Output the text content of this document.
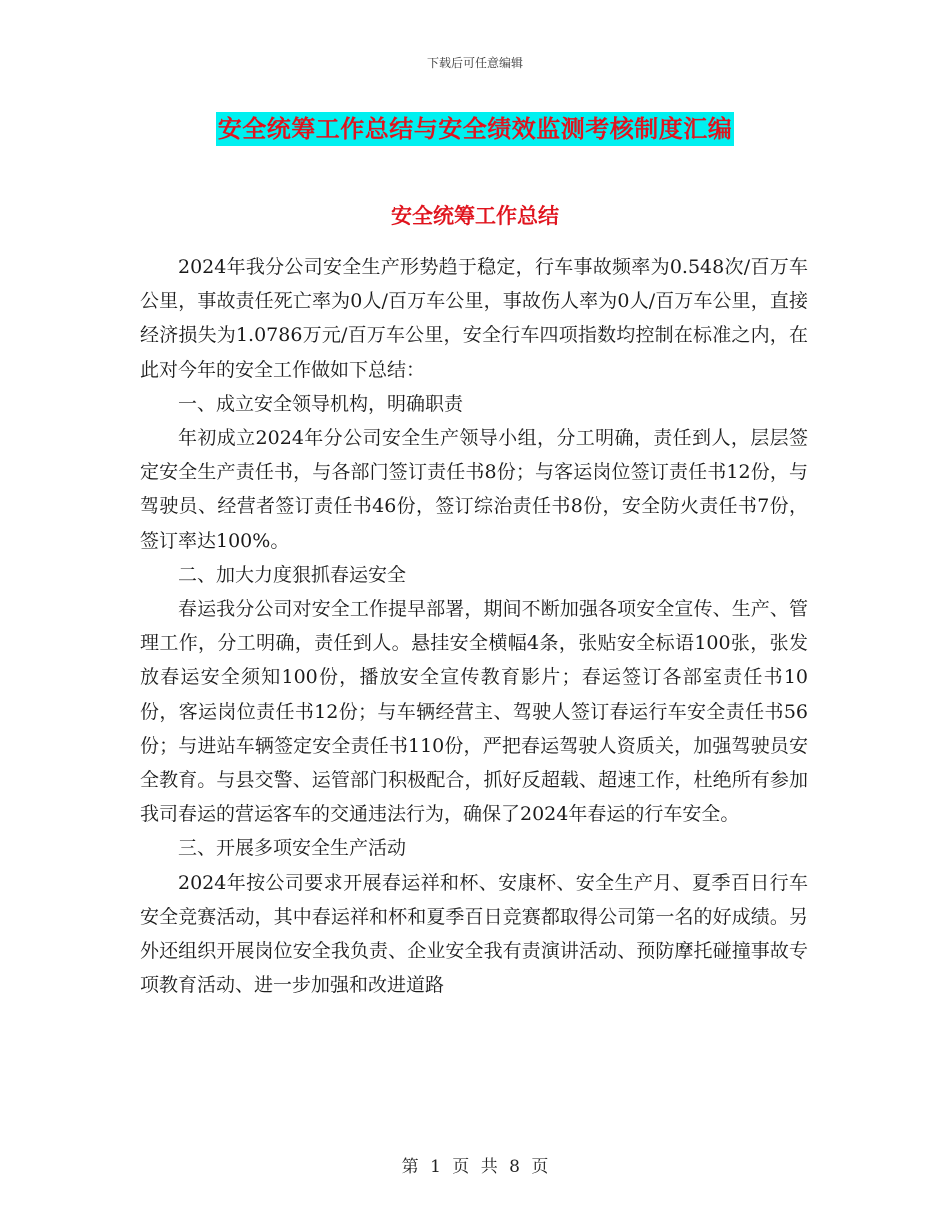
下载后可任意编辑
安全统筹工作总结与安全绩效监测考核制度汇编
安全统筹工作总结

2024年我分公司安全生产形势趋于稳定，行车事故频率为0.548次/百万车公里，事故责任死亡率为0人/百万车公里，事故伤人率为0人/百万车公里，直接经济损失为1.0786万元/百万车公里，安全行车四项指数均控制在标准之内，在此对今年的安全工作做如下总结：

一、成立安全领导机构，明确职责

年初成立2024年分公司安全生产领导小组，分工明确，责任到人，层层签定安全生产责任书，与各部门签订责任书8份；与客运岗位签订责任书12份，与驾驶员、经营者签订责任书46份，签订综治责任书8份，安全防火责任书7份，签订率达100%。

二、加大力度狠抓春运安全

春运我分公司对安全工作提早部署，期间不断加强各项安全宣传、生产、管理工作，分工明确，责任到人。悬挂安全横幅4条，张贴安全标语100张，张发放春运安全须知100份，播放安全宣传教育影片；春运签订各部室责任书10份，客运岗位责任书12份；与车辆经营主、驾驶人签订春运行车安全责任书56份；与进站车辆签定安全责任书110份，严把春运驾驶人资质关，加强驾驶员安全教育。与县交警、运管部门积极配合，抓好反超载、超速工作，杜绝所有参加我司春运的营运客车的交通违法行为，确保了2024年春运的行车安全。

三、开展多项安全生产活动

2024年按公司要求开展春运祥和杯、安康杯、安全生产月、夏季百日行车安全竞赛活动，其中春运祥和杯和夏季百日竞赛都取得公司第一名的好成绩。另外还组织开展岗位安全我负责、企业安全我有责演讲活动、预防摩托碰撞事故专项教育活动、进一步加强和改进道路

第 1 页 共 8 页
